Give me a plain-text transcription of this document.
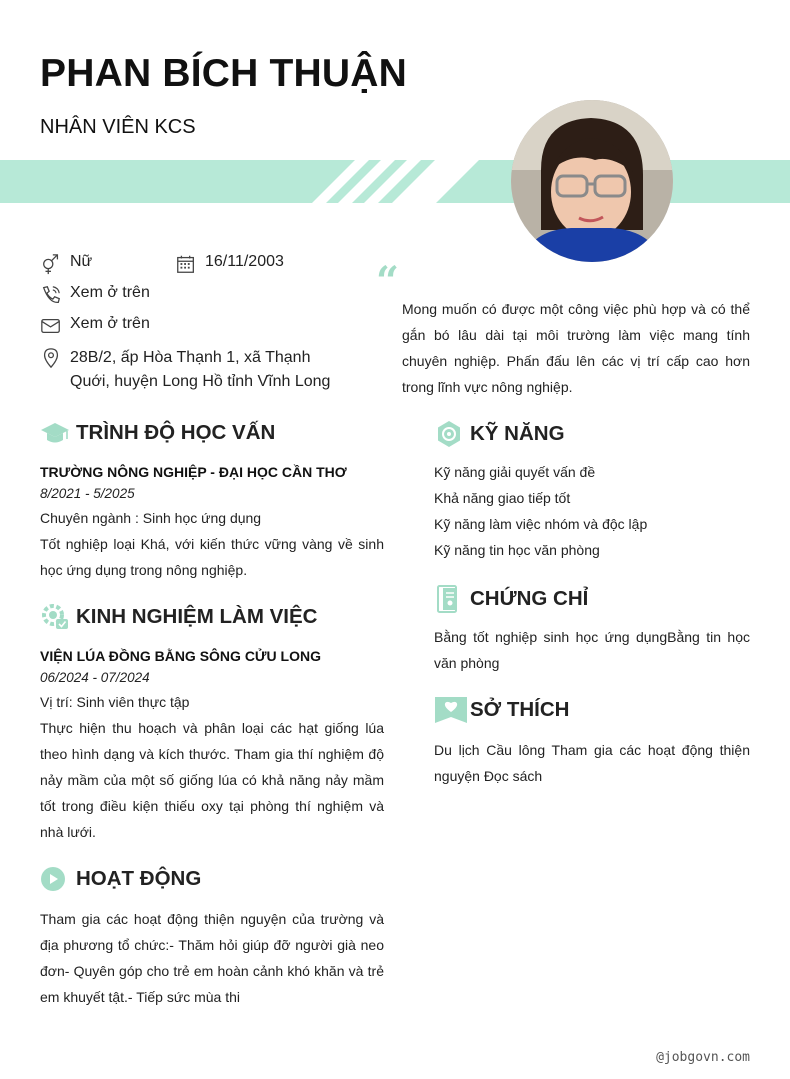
PHAN BÍCH THUẬN
NHÂN VIÊN KCS
Nữ	16/11/2003
Xem ở trên
Xem ở trên
28B/2, ấp Hòa Thạnh 1, xã Thạnh
Quới, huyện Long Hồ tỉnh Vĩnh Long
“
Mong muốn có được một công việc phù hợp và có thể gắn bó lâu dài tại môi trường làm việc mang tính chuyên nghiệp. Phấn đấu lên các vị trí cấp cao hơn trong lĩnh vực nông nghiệp.
TRÌNH ĐỘ HỌC VẤN
TRƯỜNG NÔNG NGHIỆP - ĐẠI HỌC CẦN THƠ
8/2021 - 5/2025
Chuyên ngành : Sinh học ứng dụng
Tốt nghiệp loại Khá, với kiến thức vững vàng về sinh học ứng dụng trong nông nghiệp.
KINH NGHIỆM LÀM VIỆC
VIỆN LÚA ĐỒNG BẰNG SÔNG CỬU LONG
06/2024 - 07/2024
Vị trí: Sinh viên thực tập
Thực hiện thu hoạch và phân loại các hạt giống lúa theo hình dạng và kích thước. Tham gia thí nghiệm độ nảy mầm của một số giống lúa có khả năng nảy mầm tốt trong điều kiện thiếu oxy tại phòng thí nghiệm và nhà lưới.
HOẠT ĐỘNG
Tham gia các hoạt động thiện nguyện của trường và địa phương tổ chức:- Thăm hỏi giúp đỡ người già neo đơn- Quyên góp cho trẻ em hoàn cảnh khó khăn và trẻ em khuyết tật.- Tiếp sức mùa thi
KỸ NĂNG
Kỹ năng giải quyết vấn đề
Khả năng giao tiếp tốt
Kỹ năng làm việc nhóm và độc lập
Kỹ năng tin học văn phòng
CHỨNG CHỈ
Bằng tốt nghiệp sinh học ứng dụngBằng tin học văn phòng
SỞ THÍCH
Du lịch Cầu lông Tham gia các hoạt động thiện nguyện Đọc sách
@jobgovn.com
